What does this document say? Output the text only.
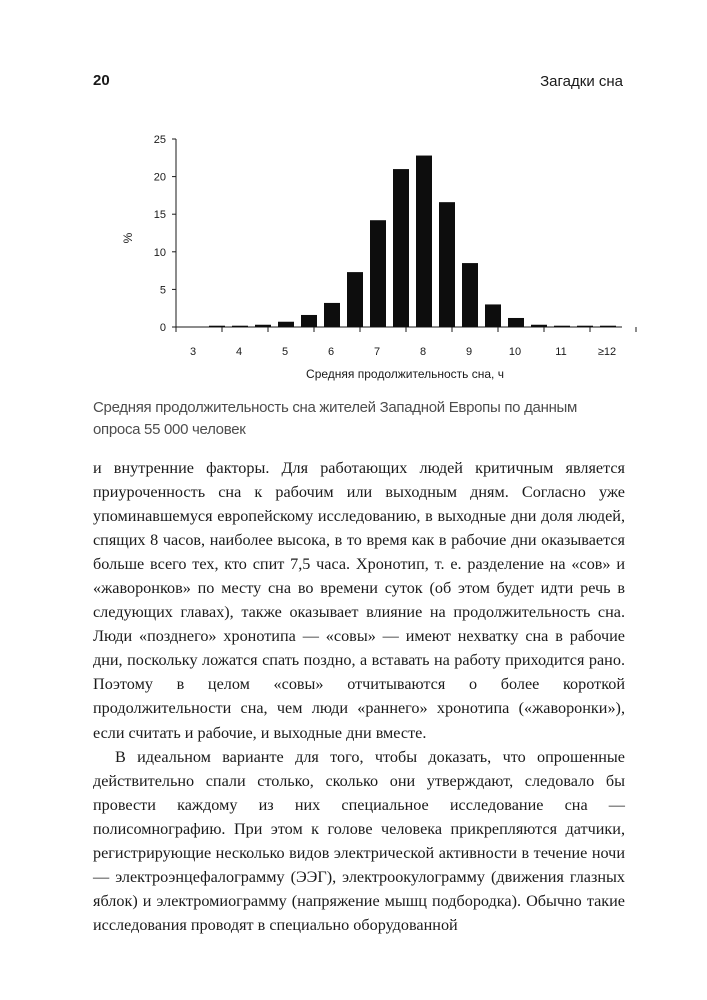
20	Загадки сна
0
5
10
15
20
25
3	4	5	6	7	8	9	10	11	≥12
%
Средняя продолжительность сна, ч
Средняя продолжительность сна жителей Западной Европы по данным опроса 55 000 человек

и внутренние факторы. Для работающих людей критичным является приуроченность сна к рабочим или выходным дням. Согласно уже упоминавшемуся европейскому исследованию, в выходные дни доля людей, спящих 8 часов, наиболее высока, в то время как в рабочие дни оказывается больше всего тех, кто спит 7,5 часа. Хронотип, т. е. разделение на «сов» и «жаворонков» по месту сна во времени суток (об этом будет идти речь в следующих главах), также оказывает влияние на продолжительность сна. Люди «позднего» хронотипа — «совы» — имеют нехватку сна в рабочие дни, поскольку ложатся спать поздно, а вставать на работу приходится рано. Поэтому в целом «совы» отчитываются о более короткой продолжительности сна, чем люди «раннего» хронотипа («жаворонки»), если считать и рабочие, и выходные дни вместе.

В идеальном варианте для того, чтобы доказать, что опрошенные действительно спали столько, сколько они утверждают, следовало бы провести каждому из них специальное исследование сна — полисомнографию. При этом к голове человека прикрепляются датчики, регистрирующие несколько видов электрической активности в течение ночи — электроэнцефалограмму (ЭЭГ), электроокулограмму (движения глазных яблок) и электромиограмму (напряжение мышц подбородка). Обычно такие исследования проводят в специально оборудованной
